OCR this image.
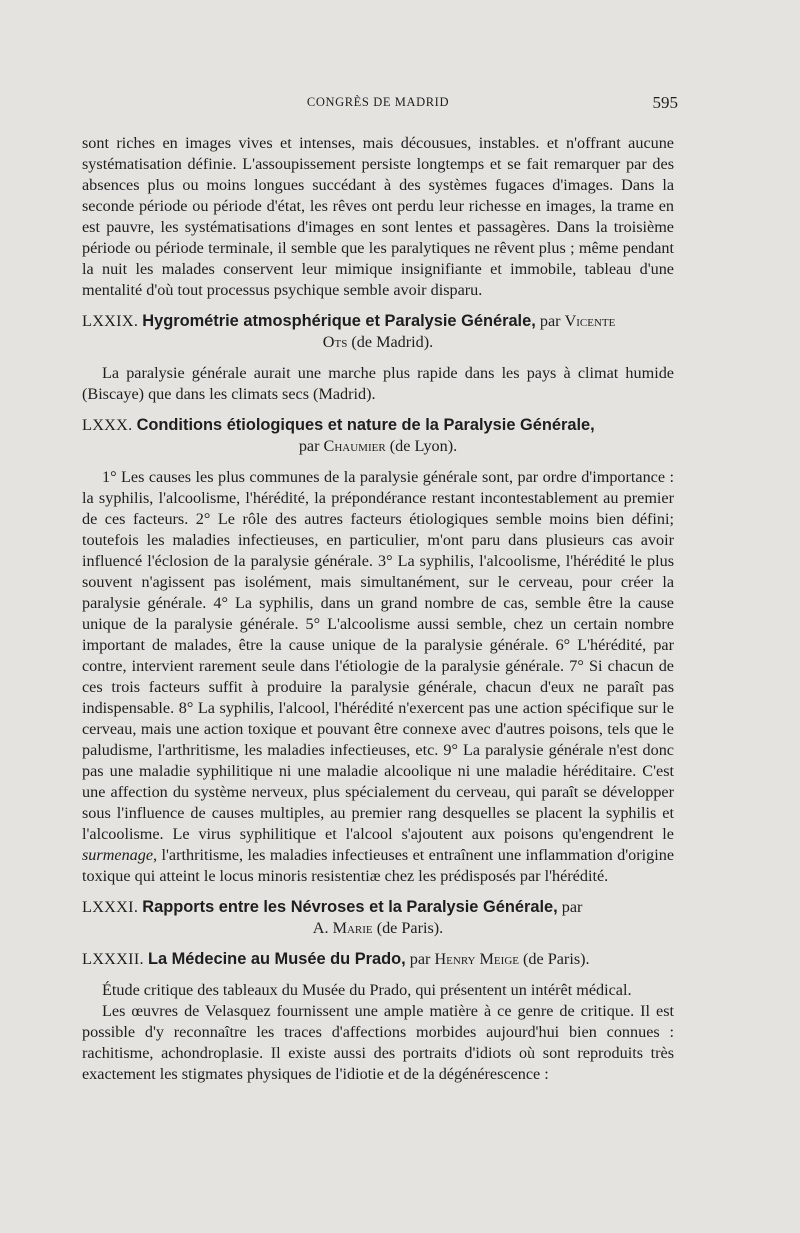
CONGRÈS DE MADRID	595

sont riches en images vives et intenses, mais décousues, instables. et n'offrant aucune systématisation définie. L'assoupissement persiste longtemps et se fait remarquer par des absences plus ou moins longues succédant à des systèmes fugaces d'images. Dans la seconde période ou période d'état, les rêves ont perdu leur richesse en images, la trame en est pauvre, les systématisations d'images en sont lentes et passagères. Dans la troisième période ou période terminale, il semble que les paralytiques ne rêvent plus ; même pendant la nuit les malades conservent leur mimique insignifiante et immobile, tableau d'une mentalité d'où tout processus psychique semble avoir disparu.

LXXIX. Hygrométrie atmosphérique et Paralysie Générale, par Vicente

Ots (de Madrid).

La paralysie générale aurait une marche plus rapide dans les pays à climat humide (Biscaye) que dans les climats secs (Madrid).

LXXX. Conditions étiologiques et nature de la Paralysie Générale,

par Chaumier (de Lyon).

1° Les causes les plus communes de la paralysie générale sont, par ordre d'importance : la syphilis, l'alcoolisme, l'hérédité, la prépondérance restant incontestablement au premier de ces facteurs. 2° Le rôle des autres facteurs étiologiques semble moins bien défini; toutefois les maladies infectieuses, en particulier, m'ont paru dans plusieurs cas avoir influencé l'éclosion de la paralysie générale. 3° La syphilis, l'alcoolisme, l'hérédité le plus souvent n'agissent pas isolément, mais simultanément, sur le cerveau, pour créer la paralysie générale. 4° La syphilis, dans un grand nombre de cas, semble être la cause unique de la paralysie générale. 5° L'alcoolisme aussi semble, chez un certain nombre important de malades, être la cause unique de la paralysie générale. 6° L'hérédité, par contre, intervient rarement seule dans l'étiologie de la paralysie générale. 7° Si chacun de ces trois facteurs suffit à produire la paralysie générale, chacun d'eux ne paraît pas indispensable. 8° La syphilis, l'alcool, l'hérédité n'exercent pas une action spécifique sur le cerveau, mais une action toxique et pouvant être connexe avec d'autres poisons, tels que le paludisme, l'arthritisme, les maladies infectieuses, etc. 9° La paralysie générale n'est donc pas une maladie syphilitique ni une maladie alcoolique ni une maladie héréditaire. C'est une affection du système nerveux, plus spécialement du cerveau, qui paraît se développer sous l'influence de causes multiples, au premier rang desquelles se placent la syphilis et l'alcoolisme. Le virus syphilitique et l'alcool s'ajoutent aux poisons qu'engendrent le surmenage, l'arthritisme, les maladies infectieuses et entraînent une inflammation d'origine toxique qui atteint le locus minoris resistentiæ chez les prédisposés par l'hérédité.

LXXXI. Rapports entre les Névroses et la Paralysie Générale, par

A. Marie (de Paris).

LXXXII. La Médecine au Musée du Prado, par Henry Meige (de Paris).

Étude critique des tableaux du Musée du Prado, qui présentent un intérêt médical.

Les œuvres de Velasquez fournissent une ample matière à ce genre de critique. Il est possible d'y reconnaître les traces d'affections morbides aujourd'hui bien connues : rachitisme, achondroplasie. Il existe aussi des portraits d'idiots où sont reproduits très exactement les stigmates physiques de l'idiotie et de la dégénérescence :
